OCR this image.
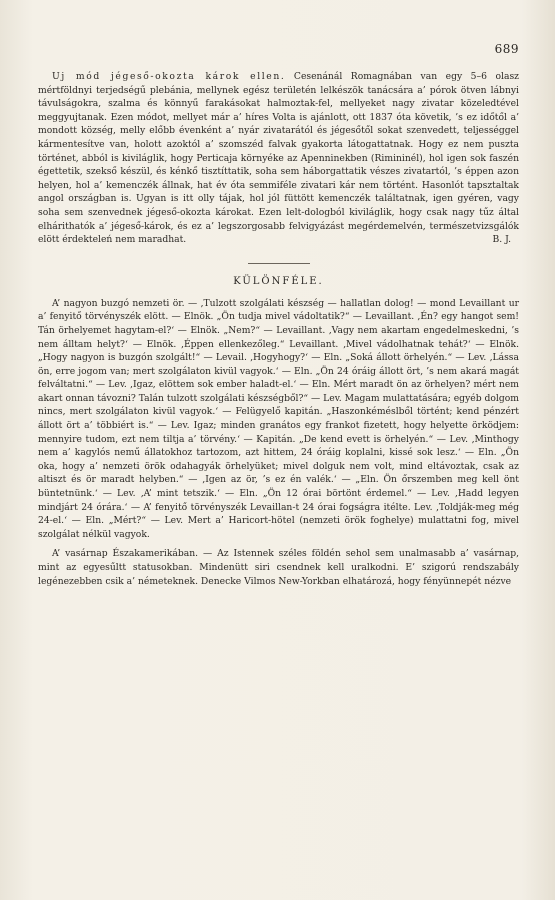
689

Uj mód jégeső-okozta károk ellen. Cesenánál Romagnában van egy 5–6 olasz mértföldnyi terjedségű plebánia, mellynek egész területén lelkészök tanácsára a’ pórok ötven lábnyi távulságokra, szalma és könnyű farakásokat halmoztak-fel, mellyeket nagy zivatar közeledtével meggyujtanak. Ezen módot, mellyet már a’ híres Volta is ajánlott, ott 1837 óta követik, ’s ez időtől a’ mondott község, melly előbb évenként a’ nyár zivatarától és jégesőtől sokat szenvedett, teljességgel kármentesítve van, holott azoktól a’ szomszéd falvak gyakorta látogattatnak. Hogy ez nem puszta történet, abból is kiviláglik, hogy Perticaja környéke az Apenninekben (Rimininél), hol igen sok faszén égettetik, szekső készül, és kénkő tisztíttatik, soha sem háborgattatik vészes zivatartól, ’s éppen azon helyen, hol a’ kemenczék állnak, hat év óta semmiféle zivatari kár nem történt. Hasonlót tapsztaltak angol országban is. Ugyan is itt olly tájak, hol jól füttött kemenczék találtatnak, igen gyéren, vagy soha sem szenvednek jégeső-okozta károkat. Ezen lelt-dologból kiviláglik, hogy csak nagy tűz által elhárithatók a’ jégeső-károk, és ez a’ legszorgosabb felvigyázást megérdemelvén, természetvizsgálók elött érdekteleń nem maradhat.	B. J.
KÜLÖNFÉLE.

A’ nagyon buzgó nemzeti ör. — ,Tulzott szolgálati készség — hallatlan dolog! — mond Levaillant ur a’ fenyitő törvényszék elött. — Elnök. „Ön tudja mivel vádoltatik?“ — Levaillant. ‚Én? egy hangot sem! Tán örhelyemet hagytam-el?‘ — Elnök. „Nem?“ — Levaillant. ‚Vagy nem akartam engedelmeskedni, ’s nem álltam helyt?‘ — Elnök. ‚Éppen ellenkezőleg.“ Levaillant. ‚Mivel vádolhatnak tehát?‘ — Elnök. „Hogy nagyon is buzgón szolgált!“ — Levail. ‚Hogyhogy?‘ — Eln. „Soká állott örhelyén.“ — Lev. ‚Lássa ön, erre jogom van; mert szolgálaton kivül vagyok.‘ — Eln. „Ön 24 óráig állott ört, ’s nem akará magát felváltatni.“ — Lev. ‚Igaz, elöttem sok ember haladt-el.‘ — Eln. Mért maradt ön az örhelyen? mért nem akart onnan távozni? Talán tulzott szolgálati készségből?“ — Lev. Magam mulattatására; egyéb dolgom nincs, mert szolgálaton kivül vagyok.‘ — Felügyelő kapitán. „Haszonkéméslből történt; kend pénzért állott ört a’ többiért is.“ — Lev. Igaz; minden granátos egy frankot fizetett, hogy helyette örködjem: mennyire tudom, ezt nem tiltja a’ törvény.‘ — Kapitán. „De kend evett is örhelyén.“ — Lev. ‚Minthogy nem a’ kagylós nemű állatokhoz tartozom, azt hittem, 24 óráig koplalni, kissé sok lesz.‘ — Eln. „Ön oka, hogy a’ nemzeti örök odahagyák örhelyüket; mivel dolguk nem volt, mind eltávoztak, csak az altiszt és ör maradt helyben.“ — ‚Igen az ör, ’s ez én valék.‘ — „Eln. Ön őrszemben meg kell önt büntetnünk.‘ — Lev. ‚A’ mint tetszik.‘ — Eln. „Ön 12 órai börtönt érdemel.“ — Lev. ‚Hadd legyen mindjárt 24 órára.‘ — A’ fenyitő törvényszék Levaillan-t 24 órai fogságra itélte. Lev. ‚Toldják-meg még 24-el.‘ — Eln. „Mért?“ — Lev. Mert a’ Haricort-hötel (nemzeti örök foghelye) mulattatni fog, mivel szolgálat nélkül vagyok.

A’ vasárnap Északamerikában. — Az Istennek széles földén sehol sem unalmasabb a’ vasárnap, mint az egyesűltt statusokban. Mindenütt siri csendnek kell uralkodni. E’ szigorú rendszabály legénezebben csik a’ németeknek. Denecke Vilmos New-Yorkban elhatározá, hogy fényünnepét nézve
